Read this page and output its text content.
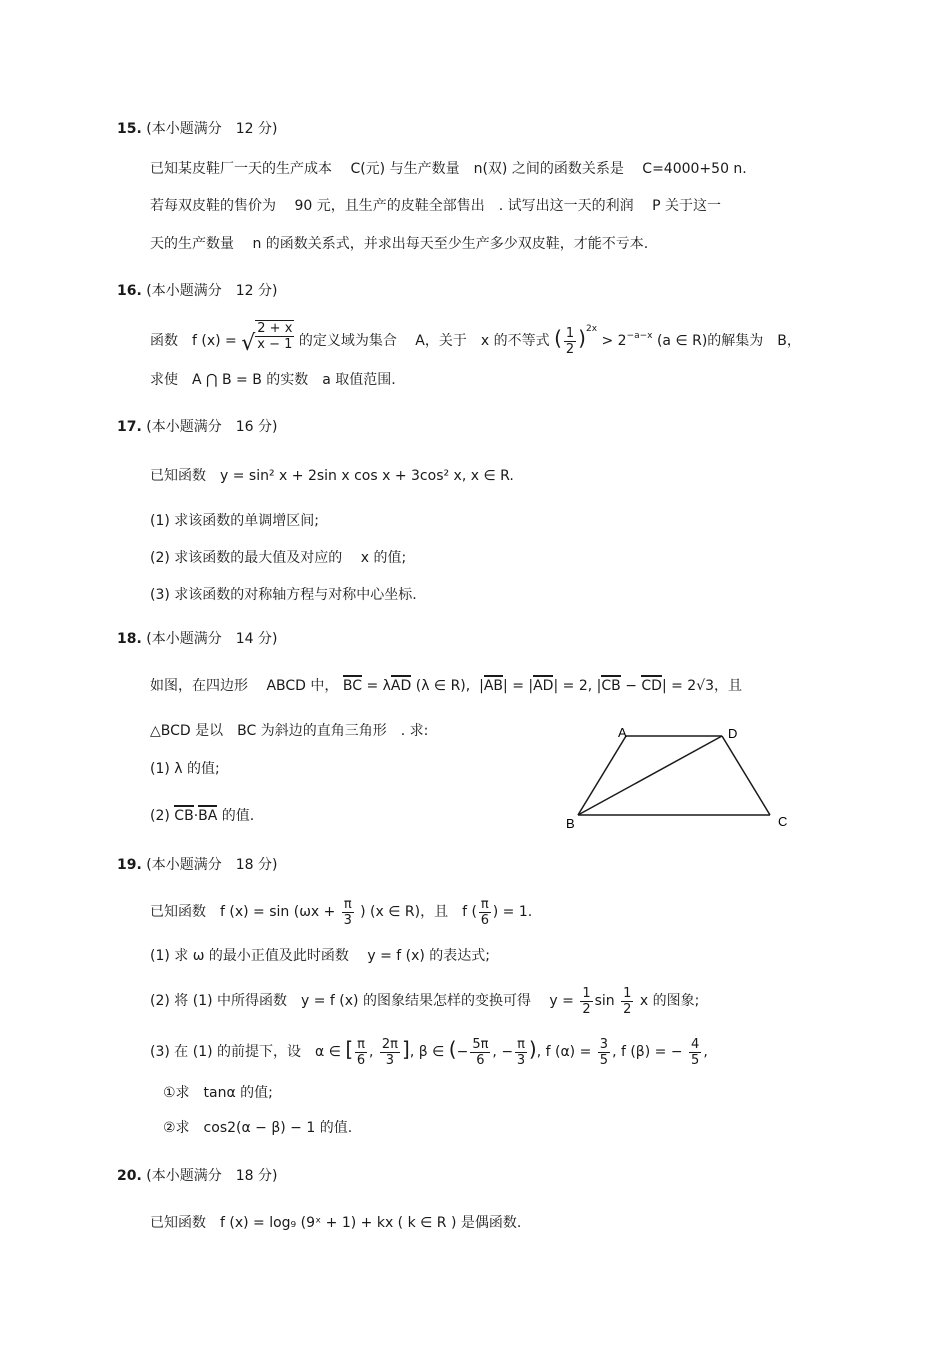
15. (本小题满分　12 分)
已知某皮鞋厂一天的生产成本　 C(元) 与生产数量　n(双) 之间的函数关系是　 C=4000+50 n.
若每双皮鞋的售价为　 90 元，且生产的皮鞋全部售出　. 试写出这一天的利润　 P 关于这一
天的生产数量　 n 的函数关系式，并求出每天至少生产多少双皮鞋，才能不亏本.
16. (本小题满分　12 分)
函数　f (x) = √ $\frac{2 + x}{x - 1}$ 的定义域为集合　 A，关于　x 的不等式 ( $\frac{1}{2} )^{2x} > 2^{-a-x}$ (a ∈ R)的解集为　B，
求使　A ⋂ B = B 的实数　a 取值范围.
17. (本小题满分　16 分)
已知函数　y = sin² x + 2sin x cos x + 3cos² x, x ∈ R.
(1) 求该函数的单调增区间;
(2) 求该函数的最大值及对应的　 x 的值;
(3) 求该函数的对称轴方程与对称中心坐标.
18. (本小题满分　14 分)
如图，在四边形　 ABCD 中， BC = λAD (λ ∈ R),  |AB| = |AD| = 2, |CB − CD| = 2√3，且
△BCD 是以　BC 为斜边的直角三角形　. 求:
(1) λ 的值;
(2) CB·BA 的值.
A	D
B	C
19. (本小题满分　18 分)
已知函数　f $(x) = \sin (\omega x + \frac{\pi}{3}$ ) (x ∈ R)，且　f ( $\frac{\pi}{6}$ ) = 1.
(1) 求 ω 的最小正值及此时函数　 y = f (x) 的表达式;
(2) 将 (1) 中所得函数　y = f (x) 的图象结果怎样的变换可得　 $y = \frac{1}{2}$ $\sin \frac{1}{2}$ x 的图象;
(3) 在 (1) 的前提下，设　α ∈ [ $\frac{\pi}{6}$ , $\frac{2\pi}{3}$ ], β ∈ (− $\frac{5\pi}{6}$ , − $\frac{\pi}{3}$ ), f $(\alpha) = \frac{3}{5}$ , f (β) = − $\frac{4}{5}$ ,
①求　tanα 的值;
②求　cos2(α − β) − 1 的值.
20. (本小题满分　18 分)
已知函数　f (x) = log₉ (9ˣ + 1) + kx ( k ∈ R ) 是偶函数.
